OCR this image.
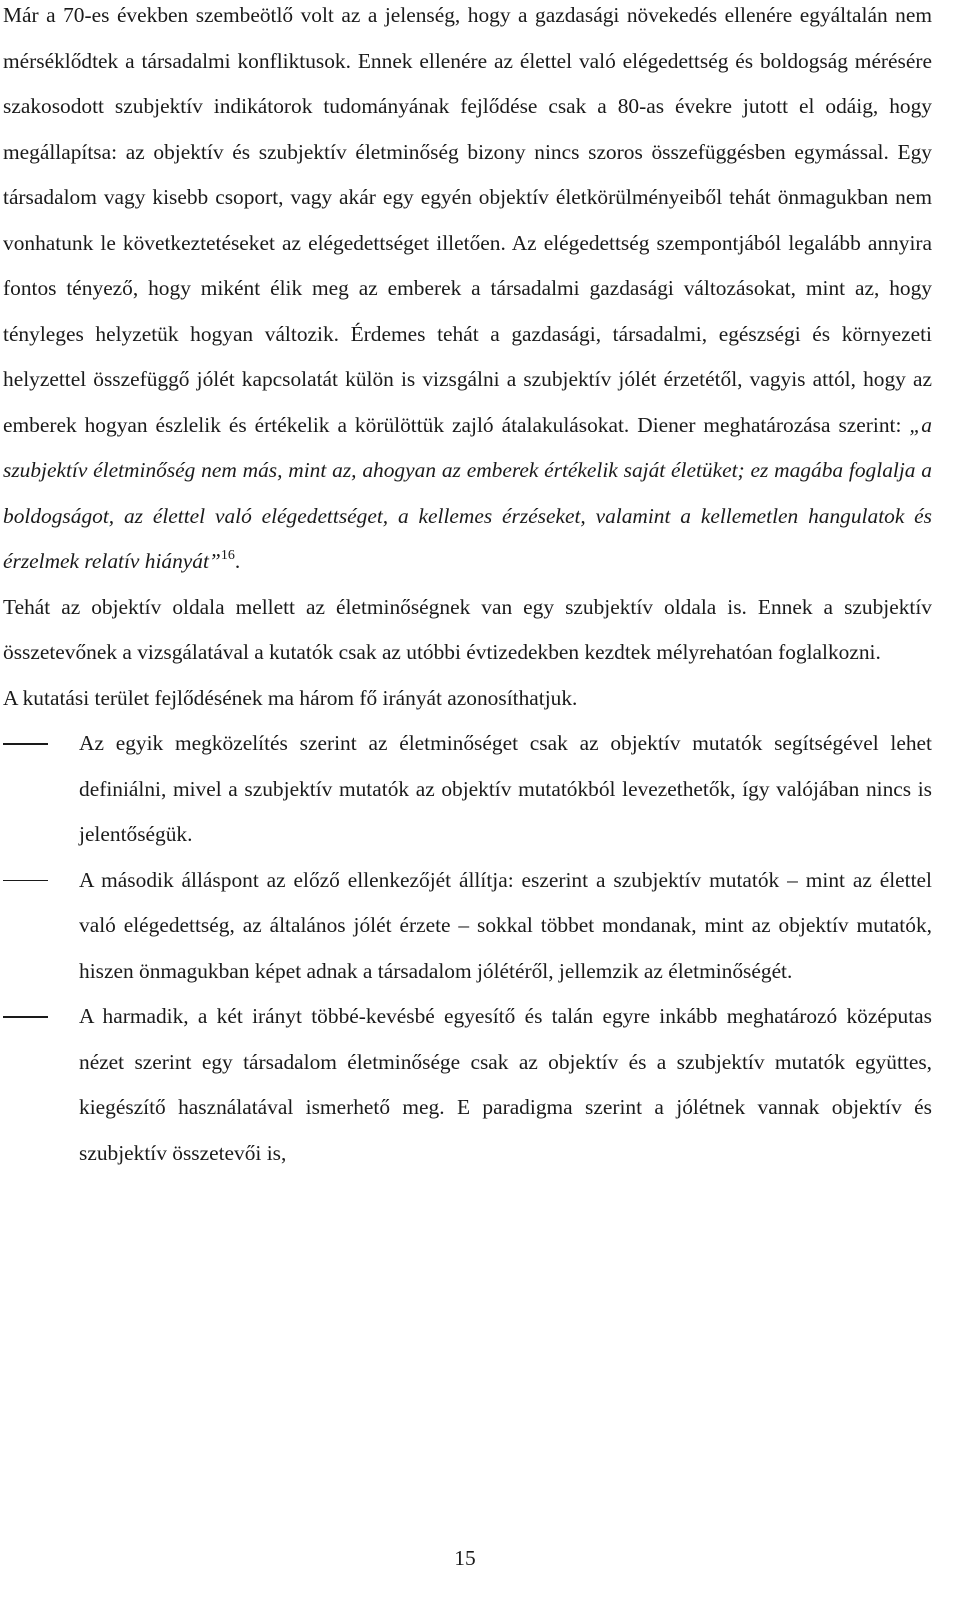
Már a 70-es években szembeötlő volt az a jelenség, hogy a gazdasági növekedés ellenére egyáltalán nem mérséklődtek a társadalmi konfliktusok. Ennek ellenére az élettel való elégedettség és boldogság mérésére szakosodott szubjektív indikátorok tudományának fejlődése csak a 80-as évekre jutott el odáig, hogy megállapítsa: az objektív és szubjektív életminőség bizony nincs szoros összefüggésben egymással. Egy társadalom vagy kisebb csoport, vagy akár egy egyén objektív életkörülményeiből tehát önmagukban nem vonhatunk le következtetéseket az elégedettséget illetően. Az elégedettség szempontjából legalább annyira fontos tényező, hogy miként élik meg az emberek a társadalmi gazdasági változásokat, mint az, hogy tényleges helyzetük hogyan változik. Érdemes tehát a gazdasági, társadalmi, egészségi és környezeti helyzettel összefüggő jólét kapcsolatát külön is vizsgálni a szubjektív jólét érzetétől, vagyis attól, hogy az emberek hogyan észlelik és értékelik a körülöttük zajló átalakulásokat. Diener meghatározása szerint: „a szubjektív életminőség nem más, mint az, ahogyan az emberek értékelik saját életüket; ez magába foglalja a boldogságot, az élettel való elégedettséget, a kellemes érzéseket, valamint a kellemetlen hangulatok és érzelmek relatív hiányát”$^{16}$.

Tehát az objektív oldala mellett az életminőségnek van egy szubjektív oldala is. Ennek a szubjektív összetevőnek a vizsgálatával a kutatók csak az utóbbi évtizedekben kezdtek mélyrehatóan foglalkozni.

A kutatási terület fejlődésének ma három fő irányát azonosíthatjuk.

Az egyik megközelítés szerint az életminőséget csak az objektív mutatók segítségével lehet definiálni, mivel a szubjektív mutatók az objektív mutatókból levezethetők, így valójában nincs is jelentőségük.
A második álláspont az előző ellenkezőjét állítja: eszerint a szubjektív mutatók – mint az élettel való elégedettség, az általános jólét érzete – sokkal többet mondanak, mint az objektív mutatók, hiszen önmagukban képet adnak a társadalom jólétéről, jellemzik az életminőségét.
A harmadik, a két irányt többé-kevésbé egyesítő és talán egyre inkább meghatározó középutas nézet szerint egy társadalom életminősége csak az objektív és a szubjektív mutatók együttes, kiegészítő használatával ismerhető meg. E paradigma szerint a jólétnek vannak objektív és szubjektív összetevői is,
15
